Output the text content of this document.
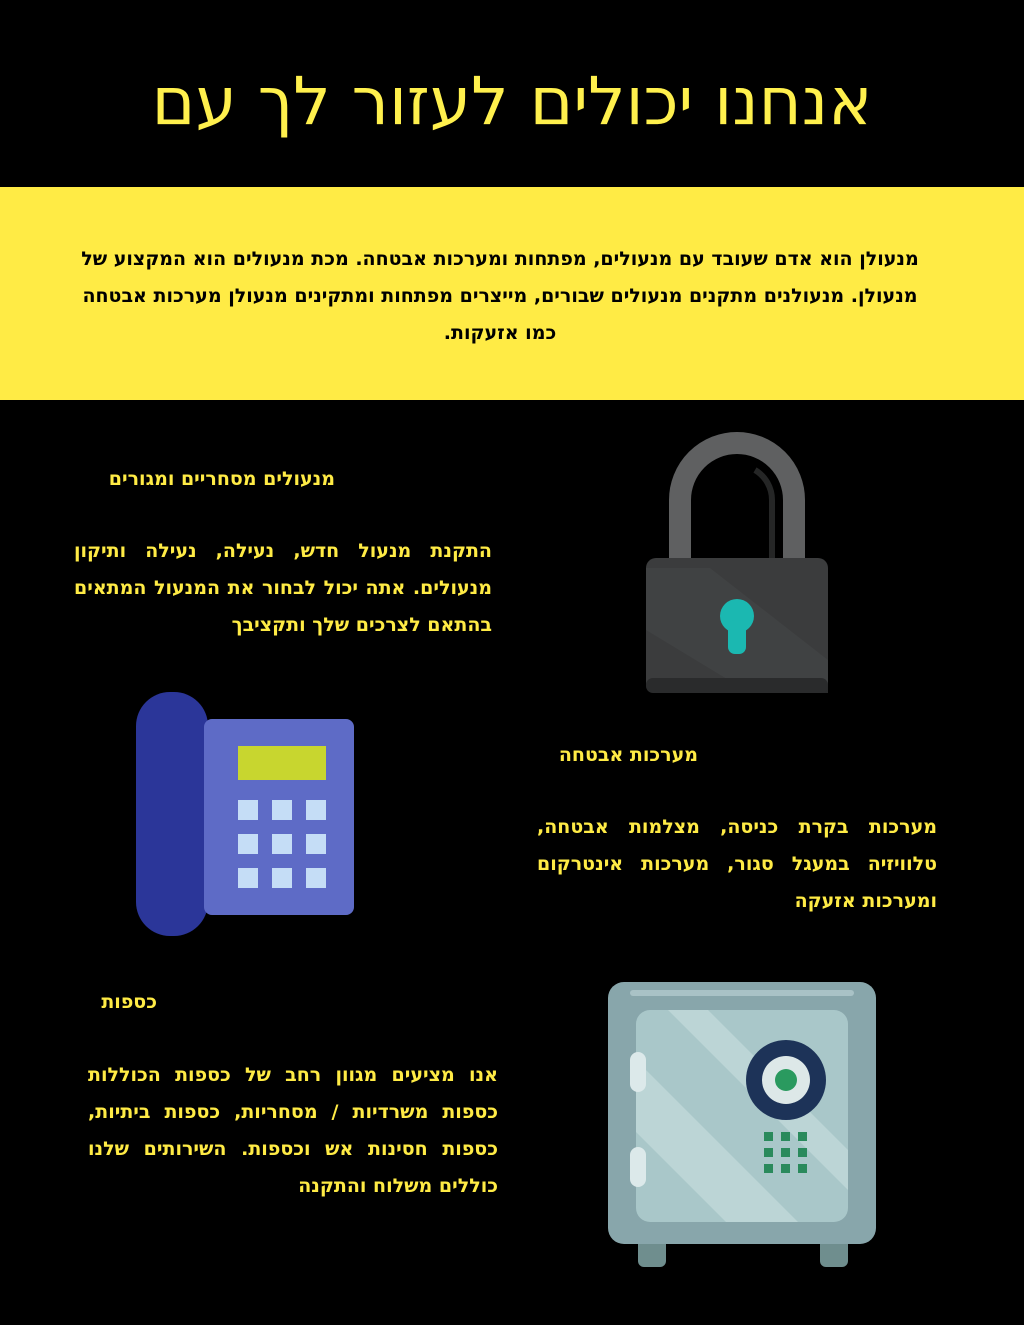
אנחנו יכולים לעזור לך עם
מנעולן הוא אדם שעובד עם מנעולים, מפתחות ומערכות אבטחה. מכת מנעולים הוא המקצוע של מנעולן. מנעולנים מתקנים מנעולים שבורים, מייצרים מפתחות ומתקינים מנעולן מערכות אבטחה כמו אזעקות.
מנעולים מסחריים ומגורים
התקנת מנעול חדש, נעילה, נעילה ותיקון מנעולים. אתה יכול לבחור את המנעול המתאים בהתאם לצרכים שלך ותקציבך
מערכות אבטחה
מערכות בקרת כניסה, מצלמות אבטחה, טלוויזיה במעגל סגור, מערכות אינטרקום ומערכות אזעקה
כספות
אנו מציעים מגוון רחב של כספות הכוללות כספות משרדיות / מסחריות, כספות ביתיות, כספות חסינות אש וכספות. השירותים שלנו כוללים משלוח והתקנה
